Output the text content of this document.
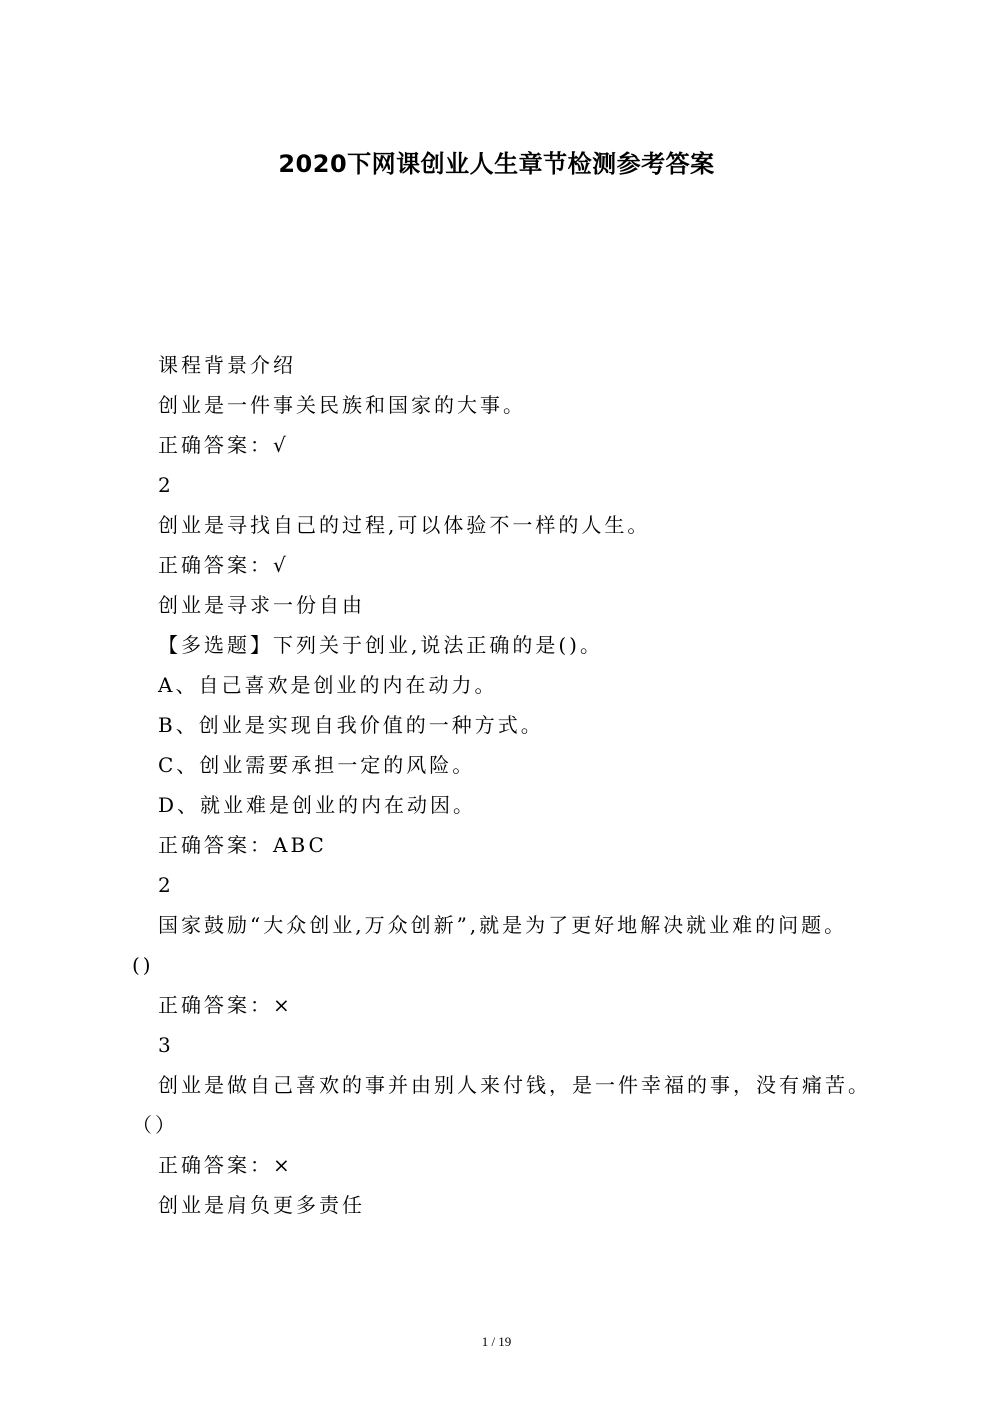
2020下网课创业人生章节检测参考答案
课程背景介绍
创业是一件事关民族和国家的大事。
正确答案：√
2
创业是寻找自己的过程,可以体验不一样的人生。
正确答案：√
创业是寻求一份自由
【多选题】下列关于创业,说法正确的是()。
A、自己喜欢是创业的内在动力。
B、创业是实现自我价值的一种方式。
C、创业需要承担一定的风险。
D、就业难是创业的内在动因。
正确答案：ABC
2
国家鼓励“大众创业,万众创新”,就是为了更好地解决就业难的问题。
()
正确答案：×
3
创业是做自己喜欢的事并由别人来付钱，是一件幸福的事，没有痛苦。
（）
正确答案：×
创业是肩负更多责任
1 / 19
